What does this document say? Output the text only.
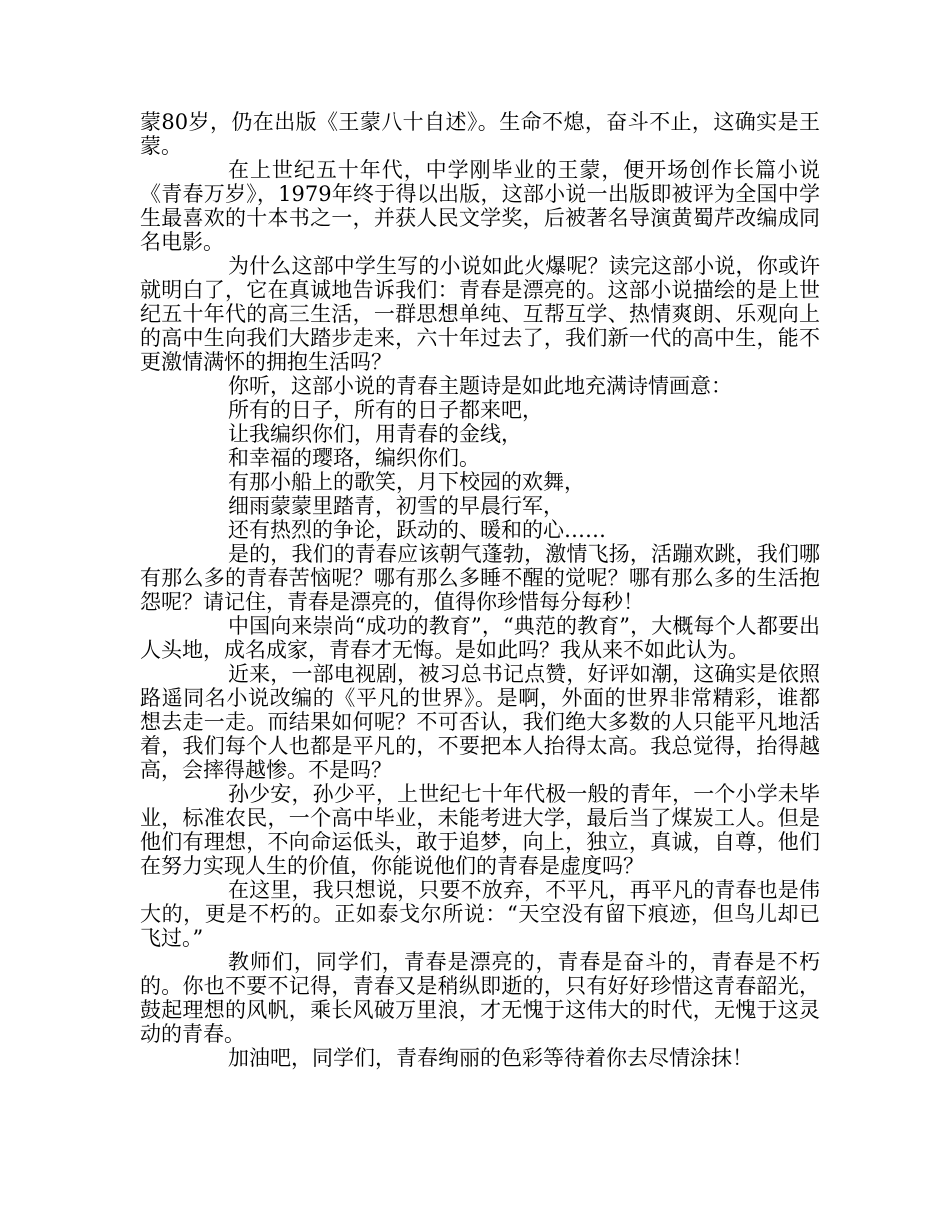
蒙80岁，仍在出版《王蒙八十自述》。生命不熄，奋斗不止，这确实是王蒙。

在上世纪五十年代，中学刚毕业的王蒙，便开场创作长篇小说《青春万岁》，1979年终于得以出版，这部小说一出版即被评为全国中学生最喜欢的十本书之一，并获人民文学奖，后被著名导演黄蜀芹改编成同名电影。

为什么这部中学生写的小说如此火爆呢？读完这部小说，你或许就明白了，它在真诚地告诉我们：青春是漂亮的。这部小说描绘的是上世纪五十年代的高三生活，一群思想单纯、互帮互学、热情爽朗、乐观向上的高中生向我们大踏步走来，六十年过去了，我们新一代的高中生，能不更激情满怀的拥抱生活吗？

你听，这部小说的青春主题诗是如此地充满诗情画意：

所有的日子，所有的日子都来吧，

让我编织你们，用青春的金线，

和幸福的璎珞，编织你们。

有那小船上的歌笑，月下校园的欢舞，

细雨蒙蒙里踏青，初雪的早晨行军，

还有热烈的争论，跃动的、暖和的心……

是的，我们的青春应该朝气蓬勃，激情飞扬，活蹦欢跳，我们哪有那么多的青春苦恼呢？哪有那么多睡不醒的觉呢？哪有那么多的生活抱怨呢？请记住，青春是漂亮的，值得你珍惜每分每秒！

中国向来崇尚“成功的教育”，“典范的教育”，大概每个人都要出人头地，成名成家，青春才无悔。是如此吗？我从来不如此认为。

近来，一部电视剧，被习总书记点赞，好评如潮，这确实是依照路遥同名小说改编的《平凡的世界》。是啊，外面的世界非常精彩，谁都想去走一走。而结果如何呢？不可否认，我们绝大多数的人只能平凡地活着，我们每个人也都是平凡的，不要把本人抬得太高。我总觉得，抬得越高，会摔得越惨。不是吗？

孙少安，孙少平，上世纪七十年代极一般的青年，一个小学未毕业，标准农民，一个高中毕业，未能考进大学，最后当了煤炭工人。但是他们有理想，不向命运低头，敢于追梦，向上，独立，真诚，自尊，他们在努力实现人生的价值，你能说他们的青春是虚度吗？

在这里，我只想说，只要不放弃，不平凡，再平凡的青春也是伟大的，更是不朽的。正如泰戈尔所说：“天空没有留下痕迹，但鸟儿却已飞过。”

教师们，同学们，青春是漂亮的，青春是奋斗的，青春是不朽的。你也不要不记得，青春又是稍纵即逝的，只有好好珍惜这青春韶光，鼓起理想的风帆，乘长风破万里浪，才无愧于这伟大的时代，无愧于这灵动的青春。

加油吧，同学们，青春绚丽的色彩等待着你去尽情涂抹！
